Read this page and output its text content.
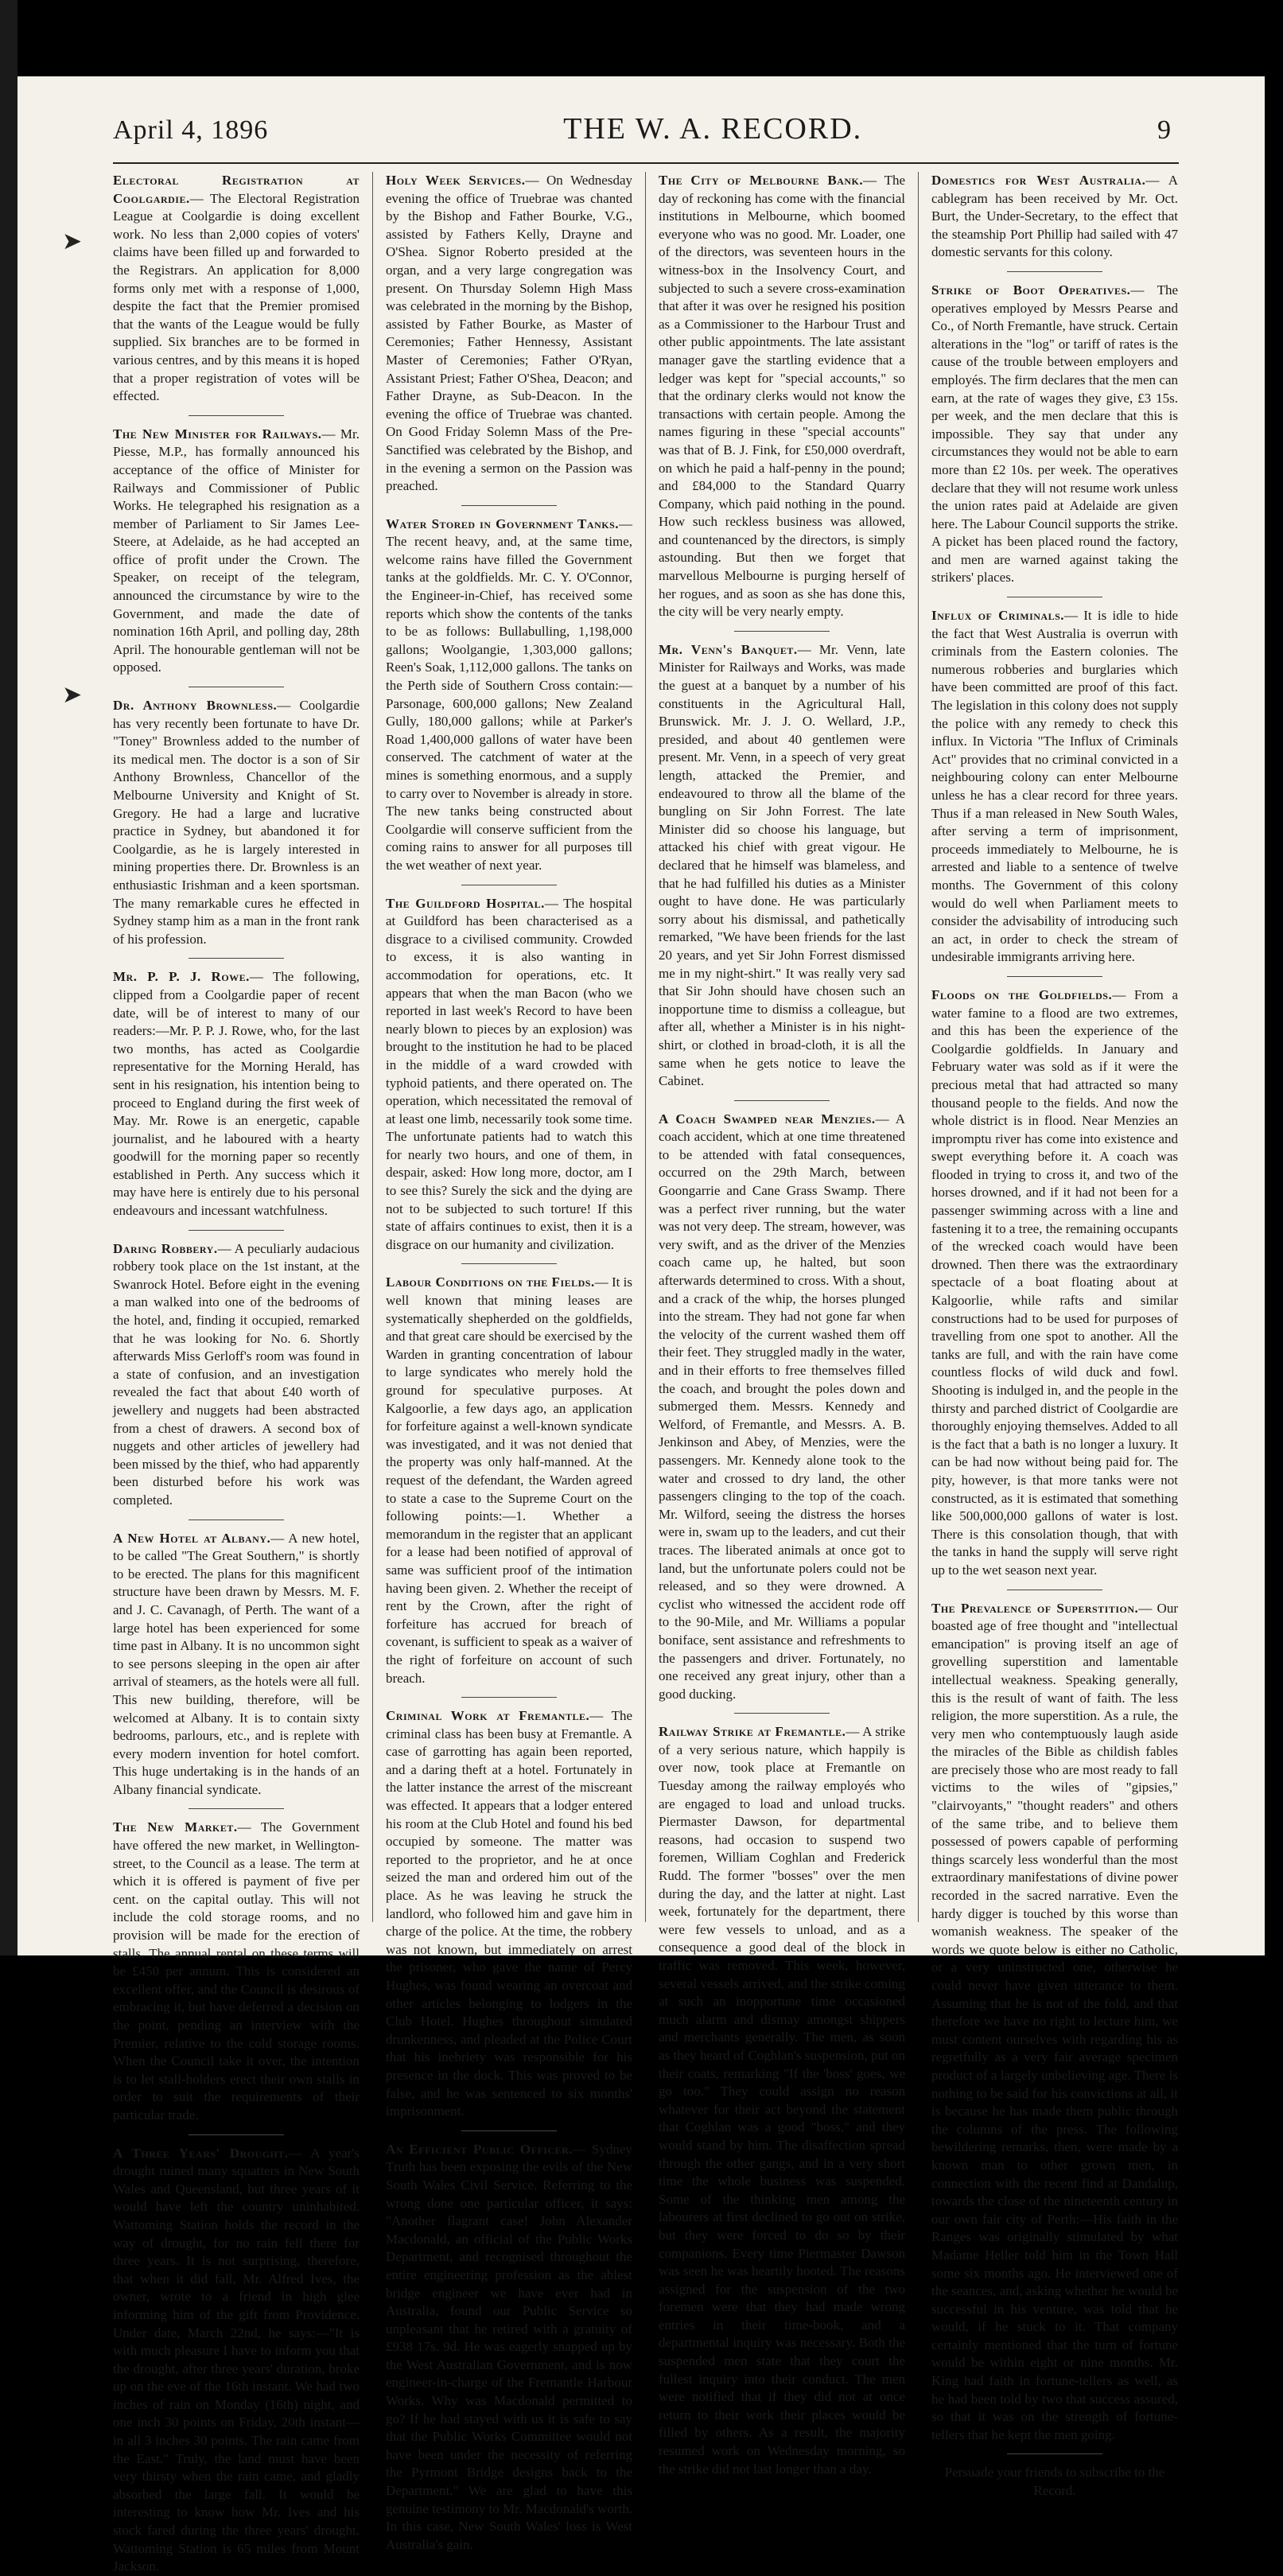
April 4, 1896	THE W. A. RECORD.	9
➤
➤

Electoral Registration at Coolgardie.— The Electoral Registration League at Coolgardie is doing excellent work. No less than 2,000 copies of voters' claims have been filled up and forwarded to the Registrars. An application for 8,000 forms only met with a response of 1,000, despite the fact that the Premier promised that the wants of the League would be fully supplied. Six branches are to be formed in various centres, and by this means it is hoped that a proper registration of votes will be effected.

The New Minister for Railways.— Mr. Piesse, M.P., has formally announced his acceptance of the office of Minister for Railways and Commissioner of Public Works. He telegraphed his resignation as a member of Parliament to Sir James Lee-Steere, at Adelaide, as he had accepted an office of profit under the Crown. The Speaker, on receipt of the telegram, announced the circumstance by wire to the Government, and made the date of nomination 16th April, and polling day, 28th April. The honourable gentleman will not be opposed.

Dr. Anthony Brownless.— Coolgardie has very recently been fortunate to have Dr. "Toney" Brownless added to the number of its medical men. The doctor is a son of Sir Anthony Brownless, Chancellor of the Melbourne University and Knight of St. Gregory. He had a large and lucrative practice in Sydney, but abandoned it for Coolgardie, as he is largely interested in mining properties there. Dr. Brownless is an enthusiastic Irishman and a keen sportsman. The many remarkable cures he effected in Sydney stamp him as a man in the front rank of his profession.

Mr. P. P. J. Rowe.— The following, clipped from a Coolgardie paper of recent date, will be of interest to many of our readers:—Mr. P. P. J. Rowe, who, for the last two months, has acted as Coolgardie representative for the Morning Herald, has sent in his resignation, his intention being to proceed to England during the first week of May. Mr. Rowe is an energetic, capable journalist, and he laboured with a hearty goodwill for the morning paper so recently established in Perth. Any success which it may have here is entirely due to his personal endeavours and incessant watchfulness.

Daring Robbery.— A peculiarly audacious robbery took place on the 1st instant, at the Swanrock Hotel. Before eight in the evening a man walked into one of the bedrooms of the hotel, and, finding it occupied, remarked that he was looking for No. 6. Shortly afterwards Miss Gerloff's room was found in a state of confusion, and an investigation revealed the fact that about £40 worth of jewellery and nuggets had been abstracted from a chest of drawers. A second box of nuggets and other articles of jewellery had been missed by the thief, who had apparently been disturbed before his work was completed.

A New Hotel at Albany.— A new hotel, to be called "The Great Southern," is shortly to be erected. The plans for this magnificent structure have been drawn by Messrs. M. F. and J. C. Cavanagh, of Perth. The want of a large hotel has been experienced for some time past in Albany. It is no uncommon sight to see persons sleeping in the open air after arrival of steamers, as the hotels were all full. This new building, therefore, will be welcomed at Albany. It is to contain sixty bedrooms, parlours, etc., and is replete with every modern invention for hotel comfort. This huge undertaking is in the hands of an Albany financial syndicate.

The New Market.— The Government have offered the new market, in Wellington-street, to the Council as a lease. The term at which it is offered is payment of five per cent. on the capital outlay. This will not include the cold storage rooms, and no provision will be made for the erection of stalls. The annual rental on these terms will be £450 per annum. This is considered an excellent offer, and the Council is desirous of embracing it, but have deferred a decision on the point, pending an interview with the Premier, relative to the cold storage rooms. When the Council take it over, the intention is to let stall-holders erect their own stalls in order to suit the requirements of their particular trade.

A Three Years' Drought.— A year's drought ruined many squatters in New South Wales and Queensland, but three years of it would have left the country uninhabited. Wattoming Station holds the record in the way of drought, for no rain fell there for three years. It is not surprising, therefore, that when it did fall, Mr. Alfred Ives, the owner, wrote to a friend in high glee informing him of the gift from Providence. Under date, March 22nd, he says:—"It is with much pleasure I have to inform you that the drought, after three years' duration, broke up on the eve of the 16th instant. We had two inches of rain on Monday (16th) night, and one inch 30 points on Friday, 20th instant—in all 3 inches 30 points. The rain came from the East." Truly, the land must have been very thirsty when the rain came, and gladly absorbed the large fall. It would be interesting to know how Mr. Ives and his stock fared during the three years' drought. Wattoming Station is 65 miles from Mount Jackson.

Holy Week Services.— On Wednesday evening the office of Truebrae was chanted by the Bishop and Father Bourke, V.G., assisted by Fathers Kelly, Drayne and O'Shea. Signor Roberto presided at the organ, and a very large congregation was present. On Thursday Solemn High Mass was celebrated in the morning by the Bishop, assisted by Father Bourke, as Master of Ceremonies; Father Hennessy, Assistant Master of Ceremonies; Father O'Ryan, Assistant Priest; Father O'Shea, Deacon; and Father Drayne, as Sub-Deacon. In the evening the office of Truebrae was chanted. On Good Friday Solemn Mass of the Pre-Sanctified was celebrated by the Bishop, and in the evening a sermon on the Passion was preached.

Water Stored in Government Tanks.— The recent heavy, and, at the same time, welcome rains have filled the Government tanks at the goldfields. Mr. C. Y. O'Connor, the Engineer-in-Chief, has received some reports which show the contents of the tanks to be as follows: Bullabulling, 1,198,000 gallons; Woolgangie, 1,303,000 gallons; Reen's Soak, 1,112,000 gallons. The tanks on the Perth side of Southern Cross contain:—Parsonage, 600,000 gallons; New Zealand Gully, 180,000 gallons; while at Parker's Road 1,400,000 gallons of water have been conserved. The catchment of water at the mines is something enormous, and a supply to carry over to November is already in store. The new tanks being constructed about Coolgardie will conserve sufficient from the coming rains to answer for all purposes till the wet weather of next year.

The Guildford Hospital.— The hospital at Guildford has been characterised as a disgrace to a civilised community. Crowded to excess, it is also wanting in accommodation for operations, etc. It appears that when the man Bacon (who we reported in last week's Record to have been nearly blown to pieces by an explosion) was brought to the institution he had to be placed in the middle of a ward crowded with typhoid patients, and there operated on. The operation, which necessitated the removal of at least one limb, necessarily took some time. The unfortunate patients had to watch this for nearly two hours, and one of them, in despair, asked: How long more, doctor, am I to see this? Surely the sick and the dying are not to be subjected to such torture! If this state of affairs continues to exist, then it is a disgrace on our humanity and civilization.

Labour Conditions on the Fields.— It is well known that mining leases are systematically shepherded on the goldfields, and that great care should be exercised by the Warden in granting concentration of labour to large syndicates who merely hold the ground for speculative purposes. At Kalgoorlie, a few days ago, an application for forfeiture against a well-known syndicate was investigated, and it was not denied that the property was only half-manned. At the request of the defendant, the Warden agreed to state a case to the Supreme Court on the following points:—1. Whether a memorandum in the register that an applicant for a lease had been notified of approval of same was sufficient proof of the intimation having been given. 2. Whether the receipt of rent by the Crown, after the right of forfeiture has accrued for breach of covenant, is sufficient to speak as a waiver of the right of forfeiture on account of such breach.

Criminal Work at Fremantle.— The criminal class has been busy at Fremantle. A case of garrotting has again been reported, and a daring theft at a hotel. Fortunately in the latter instance the arrest of the miscreant was effected. It appears that a lodger entered his room at the Club Hotel and found his bed occupied by someone. The matter was reported to the proprietor, and he at once seized the man and ordered him out of the place. As he was leaving he struck the landlord, who followed him and gave him in charge of the police. At the time, the robbery was not known, but immediately on arrest the prisoner, who gave the name of Percy Hughes, was found wearing an overcoat and other articles belonging to lodgers in the Club Hotel. Hughes throughout simulated drunkenness, and pleaded at the Police Court that his inebriety was responsible for his presence in the dock. This was proved to be false, and he was sentenced to six months' imprisonment.

An Efficient Public Officer.— Sydney Truth has been exposing the evils of the New South Wales Civil Service. Referring to the wrong done one particular officer, it says: "Another flagrant case! John Alexander Macdonald, an official of the Public Works Department, and recognised throughout the entire engineering profession as the ablest bridge engineer we have ever had in Australia, found our Public Service so unpleasant that he retired with a gratuity of £938 17s. 9d. He was eagerly snapped up by the West Australian Government, and is now engineer-in-charge of the Fremantle Harbour Works. Why was Macdonald permitted to go? If he had stayed with us it is safe to say that the Public Works Committee would not have been under the necessity of referring the Pyrmont Bridge designs back to the Department." We are glad to have this genuine testimony to Mr. Macdonald's worth. In this case, New South Wales' loss is West Australia's gain.

The City of Melbourne Bank.— The day of reckoning has come with the financial institutions in Melbourne, which boomed everyone who was no good. Mr. Loader, one of the directors, was seventeen hours in the witness-box in the Insolvency Court, and subjected to such a severe cross-examination that after it was over he resigned his position as a Commissioner to the Harbour Trust and other public appointments. The late assistant manager gave the startling evidence that a ledger was kept for "special accounts," so that the ordinary clerks would not know the transactions with certain people. Among the names figuring in these "special accounts" was that of B. J. Fink, for £50,000 overdraft, on which he paid a half-penny in the pound; and £84,000 to the Standard Quarry Company, which paid nothing in the pound. How such reckless business was allowed, and countenanced by the directors, is simply astounding. But then we forget that marvellous Melbourne is purging herself of her rogues, and as soon as she has done this, the city will be very nearly empty.

Mr. Venn's Banquet.— Mr. Venn, late Minister for Railways and Works, was made the guest at a banquet by a number of his constituents in the Agricultural Hall, Brunswick. Mr. J. J. O. Wellard, J.P., presided, and about 40 gentlemen were present. Mr. Venn, in a speech of very great length, attacked the Premier, and endeavoured to throw all the blame of the bungling on Sir John Forrest. The late Minister did so choose his language, but attacked his chief with great vigour. He declared that he himself was blameless, and that he had fulfilled his duties as a Minister ought to have done. He was particularly sorry about his dismissal, and pathetically remarked, "We have been friends for the last 20 years, and yet Sir John Forrest dismissed me in my night-shirt." It was really very sad that Sir John should have chosen such an inopportune time to dismiss a colleague, but after all, whether a Minister is in his night-shirt, or clothed in broad-cloth, it is all the same when he gets notice to leave the Cabinet.

A Coach Swamped near Menzies.— A coach accident, which at one time threatened to be attended with fatal consequences, occurred on the 29th March, between Goongarrie and Cane Grass Swamp. There was a perfect river running, but the water was not very deep. The stream, however, was very swift, and as the driver of the Menzies coach came up, he halted, but soon afterwards determined to cross. With a shout, and a crack of the whip, the horses plunged into the stream. They had not gone far when the velocity of the current washed them off their feet. They struggled madly in the water, and in their efforts to free themselves filled the coach, and brought the poles down and submerged them. Messrs. Kennedy and Welford, of Fremantle, and Messrs. A. B. Jenkinson and Abey, of Menzies, were the passengers. Mr. Kennedy alone took to the water and crossed to dry land, the other passengers clinging to the top of the coach. Mr. Wilford, seeing the distress the horses were in, swam up to the leaders, and cut their traces. The liberated animals at once got to land, but the unfortunate polers could not be released, and so they were drowned. A cyclist who witnessed the accident rode off to the 90-Mile, and Mr. Williams a popular boniface, sent assistance and refreshments to the passengers and driver. Fortunately, no one received any great injury, other than a good ducking.

Railway Strike at Fremantle.— A strike of a very serious nature, which happily is over now, took place at Fremantle on Tuesday among the railway employés who are engaged to load and unload trucks. Piermaster Dawson, for departmental reasons, had occasion to suspend two foremen, William Coghlan and Frederick Rudd. The former "bosses" over the men during the day, and the latter at night. Last week, fortunately for the department, there were few vessels to unload, and as a consequence a good deal of the block in traffic was removed. This week, however, several vessels arrived, and the strike coming at such an inopportune time occasioned much alarm and dismay amongst shippers and merchants generally. The men, as soon as they heard of Coghlan's suspension, put on their coats, remarking "If the 'boss' goes, we go too." They could assign no reason whatever for their act beyond the statement that Coghlan was a good "boss," and they would stand by him. The disaffection spread through the other gangs, and in a very short time the whole business was suspended. Some of the thinking men among the labourers at first declined to go out on strike, but they were forced to do so by their companions. Every time Piermaster Dawson was seen he was heartily hooted. The reasons assigned for the suspension of the two foremen were that they had made wrong entries in their time-book, and a departmental inquiry was necessary. Both the suspended men state that they court the fullest inquiry into their conduct. The men were notified that if they did not at once return to their work their places would be filled by others. As a result, the majority resumed work on Wednesday morning, so the strike did not last longer than a day.

Domestics for West Australia.— A cablegram has been received by Mr. Oct. Burt, the Under-Secretary, to the effect that the steamship Port Phillip had sailed with 47 domestic servants for this colony.

Strike of Boot Operatives.— The operatives employed by Messrs Pearse and Co., of North Fremantle, have struck. Certain alterations in the "log" or tariff of rates is the cause of the trouble between employers and employés. The firm declares that the men can earn, at the rate of wages they give, £3 15s. per week, and the men declare that this is impossible. They say that under any circumstances they would not be able to earn more than £2 10s. per week. The operatives declare that they will not resume work unless the union rates paid at Adelaide are given here. The Labour Council supports the strike. A picket has been placed round the factory, and men are warned against taking the strikers' places.

Influx of Criminals.— It is idle to hide the fact that West Australia is overrun with criminals from the Eastern colonies. The numerous robberies and burglaries which have been committed are proof of this fact. The legislation in this colony does not supply the police with any remedy to check this influx. In Victoria "The Influx of Criminals Act" provides that no criminal convicted in a neighbouring colony can enter Melbourne unless he has a clear record for three years. Thus if a man released in New South Wales, after serving a term of imprisonment, proceeds immediately to Melbourne, he is arrested and liable to a sentence of twelve months. The Government of this colony would do well when Parliament meets to consider the advisability of introducing such an act, in order to check the stream of undesirable immigrants arriving here.

Floods on the Goldfields.— From a water famine to a flood are two extremes, and this has been the experience of the Coolgardie goldfields. In January and February water was sold as if it were the precious metal that had attracted so many thousand people to the fields. And now the whole district is in flood. Near Menzies an impromptu river has come into existence and swept everything before it. A coach was flooded in trying to cross it, and two of the horses drowned, and if it had not been for a passenger swimming across with a line and fastening it to a tree, the remaining occupants of the wrecked coach would have been drowned. Then there was the extraordinary spectacle of a boat floating about at Kalgoorlie, while rafts and similar constructions had to be used for purposes of travelling from one spot to another. All the tanks are full, and with the rain have come countless flocks of wild duck and fowl. Shooting is indulged in, and the people in the thirsty and parched district of Coolgardie are thoroughly enjoying themselves. Added to all is the fact that a bath is no longer a luxury. It can be had now without being paid for. The pity, however, is that more tanks were not constructed, as it is estimated that something like 500,000,000 gallons of water is lost. There is this consolation though, that with the tanks in hand the supply will serve right up to the wet season next year.

The Prevalence of Superstition.— Our boasted age of free thought and "intellectual emancipation" is proving itself an age of grovelling superstition and lamentable intellectual weakness. Speaking generally, this is the result of want of faith. The less religion, the more superstition. As a rule, the very men who contemptuously laugh aside the miracles of the Bible as childish fables are precisely those who are most ready to fall victims to the wiles of "gipsies," "clairvoyants," "thought readers" and others of the same tribe, and to believe them possessed of powers capable of performing things scarcely less wonderful than the most extraordinary manifestations of divine power recorded in the sacred narrative. Even the hardy digger is touched by this worse than womanish weakness. The speaker of the words we quote below is either no Catholic, or a very uninstructed one, otherwise he could never have given utterance to them. Assuming that he is not of the fold, and that therefore we have no right to lecture him, we must content ourselves with regarding his as regretfully as a very fair average specimen product of a largely unbelieving age. There is nothing to be said for his convictions at all, it is because he has made them public through the columns of the press. The following bewildering remarks, then, were made by a known man to other grown men, in connection with the recent find at Dandalup, towards the close of the nineteenth century in our own fair city of Perth:—His faith in the Ranges was originally stimulated by what Madame Heller told him in the Town Hall some six months ago. He interviewed one of the seances, and, asking whether he would be successful in his venture, was told that he would, if he stuck to it. That company certainly mentioned that the turn of fortune would be within eight or nine months. Mr. King had faith in fortune-tellers as well, as he had been told by two that success assured, so that it was on the strength of fortune-tellers that he kept the men going.

Persuade your friends to subscribe to the Record.
